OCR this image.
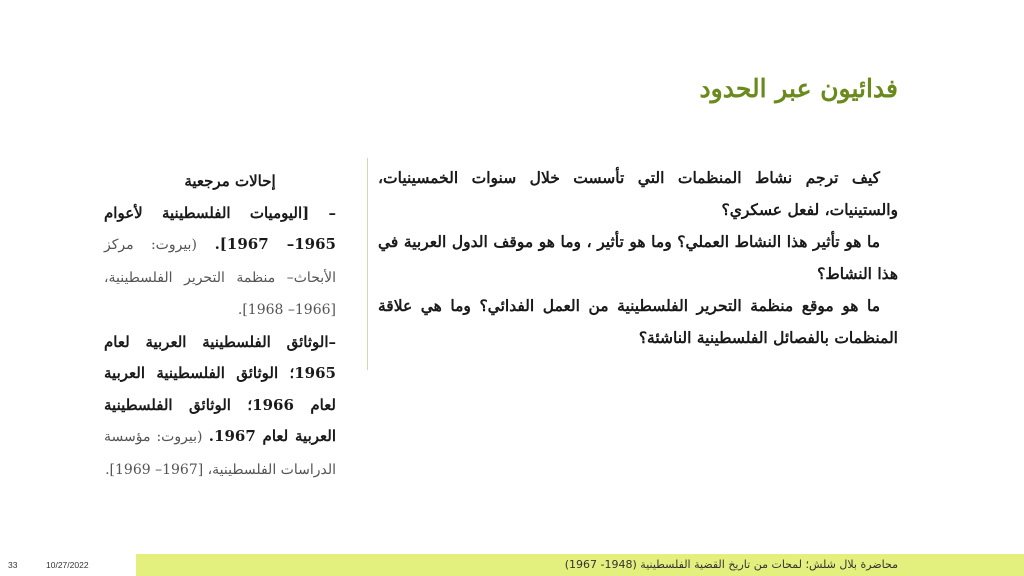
فدائيون عبر الحدود

كيف ترجم نشاط المنظمات التي تأسست خلال سنوات الخمسينيات، والستينيات، لفعل عسكري؟

ما هو تأثير هذا النشاط العملي؟ وما هو تأثير ، وما هو موقف الدول العربية في هذا النشاط؟

ما هو موقع منظمة التحرير الفلسطينية من العمل الفدائي؟ وما هي علاقة المنظمات بالفصائل الفلسطينية الناشئة؟

إحالات مرجعية
– [اليوميات الفلسطينية لأعوام 1965– 1967]. (بيروت: مركز الأبحاث– منظمة التحرير الفلسطينية، [1966– 1968].
–الوثائق الفلسطينية العربية لعام 1965؛ الوثائق الفلسطينية العربية لعام 1966؛ الوثائق الفلسطينية العربية لعام 1967. (بيروت: مؤسسة الدراسات الفلسطينية، [1967– 1969].
33	10/27/2022	محاضرة بلال شلش؛ لمحات من تاريخ القضية الفلسطينية (1948- 1967)
